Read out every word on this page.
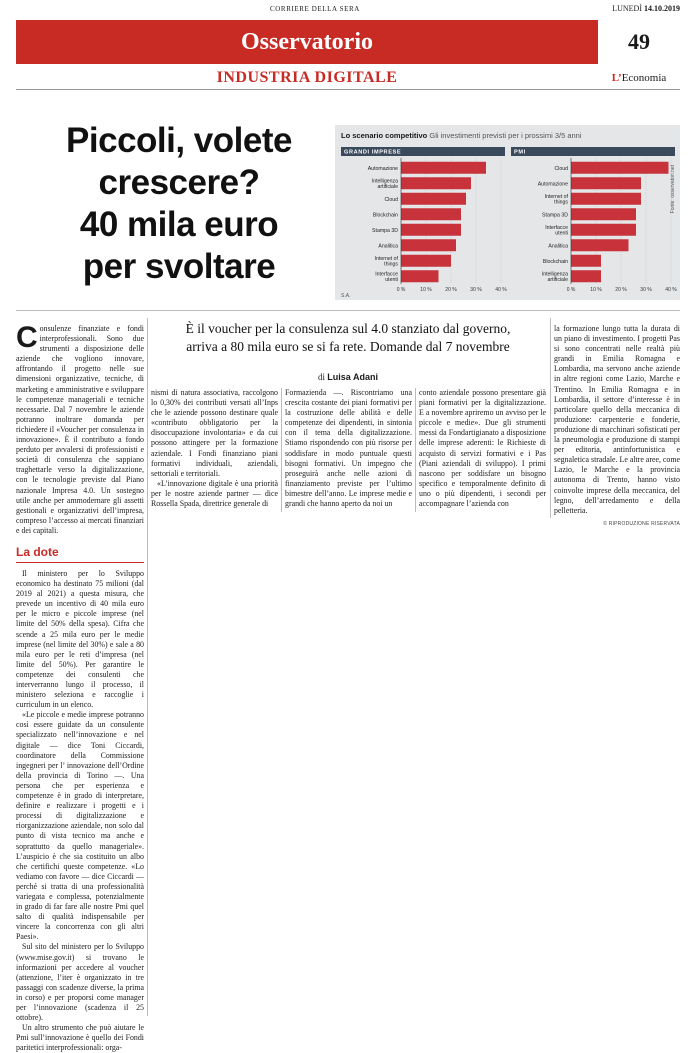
CORRIERE DELLA SERA	LUNEDÌ 14.10.2019
Osservatorio	49
INDUSTRIA DIGITALE	L’Economia
Piccoli, volete
crescere?
40 mila euro
per svoltare
GRANDI IMPRESE
0 %	10 %	20 %	30 %	40 %
Automazione
Intelligenza
artificiale
Cloud
Blockchain
Stampa 3D
Analitica
Internet of
things
Interfacce
utenti
PMI
0 %	10 %	20 %	30 %	40 %
Cloud
Automazione
Internet of
things
Stampa 3D
Interfacce
utenti
Analitica
Blockchain
Intelligenza
artificiale
Lo scenario competitivo Gli investimenti previsti per i prossimi 3/5 anni
S.A.
Fonte: osservatori.net
È il voucher per la consulenza sul 4.0 stanziato dal governo,
arriva a 80 mila euro se si fa rete. Domande dal 7 novembre
di Luisa Adani

Consulenze finanziate e fondi interprofessionali. Sono due strumenti a disposizione delle aziende che vogliono innovare, affrontando il progetto nelle sue dimensioni organizzative, tecniche, di marketing e amministrative e sviluppare le competenze manageriali e tecniche necessarie. Dal 7 novembre le aziende potranno inoltrare domanda per richiedere il «Voucher per consulenza in innovazione». È il contributo a fondo perduto per avvalersi di professionisti e società di consulenza che sappiano traghettarle verso la digitalizzazione, con le tecnologie previste dal Piano nazionale Impresa 4.0. Un sostegno utile anche per ammodernare gli assetti gestionali e organizzativi dell’impresa, compreso l’accesso ai mercati finanziari e dei capitali.

La dote

Il ministero per lo Sviluppo economico ha destinato 75 milioni (dal 2019 al 2021) a questa misura, che prevede un incentivo di 40 mila euro per le micro e piccole imprese (nel limite del 50% della spesa). Cifra che scende a 25 mila euro per le medie imprese (nel limite del 30%) e sale a 80 mila euro per le reti d’impresa (nel limite del 50%). Per garantire le competenze dei consulenti che interverranno lungo il processo, il ministero seleziona e raccoglie i curriculum in un elenco.

«Le piccole e medie imprese potranno così essere guidate da un consulente specializzato nell’innovazione e nel digitale — dice Toni Ciccardi, coordinatore della Commissione ingegneri per l’ innovazione dell’Ordine della provincia di Torino —. Una persona che per esperienza e competenze è in grado di interpretare, definire e realizzare i progetti e i processi di digitalizzazione e riorganizzazione aziendale, non solo dal punto di vista tecnico ma anche e soprattutto da quello manageriale». L’auspicio è che sia costituito un albo che certifichi queste competenze. «Lo vediamo con favore — dice Ciccardi — perché si tratta di una professionalità variegata e complessa, potenzialmente in grado di far fare alle nostre Pmi quel salto di qualità indispensabile per vincere la concorrenza con gli altri Paesi».

Sul sito del ministero per lo Sviluppo (www.mise.gov.it) si trovano le informazioni per accedere al voucher (attenzione, l’iter è organizzato in tre passaggi con scadenze diverse, la prima in corso) e per proporsi come manager per l’innovazione (scadenza il 25 ottobre).

Un altro strumento che può aiutare le Pmi sull’innovazione è quello dei Fondi paritetici interprofessionali: orga-

nismi di natura associativa, raccolgono lo 0,30% dei contributi versati all’Inps che le aziende possono destinare quale «contributo obbligatorio per la disoccupazione involontaria» e da cui possono attingere per la formazione aziendale. I Fondi finanziano piani formativi individuali, aziendali, settoriali e territoriali.

«L’innovazione digitale è una priorità per le nostre aziende partner — dice Rossella Spada, direttrice generale di

Formazienda —. Riscontriamo una crescita costante dei piani formativi per la costruzione delle abilità e delle competenze dei dipendenti, in sintonia con il tema della digitalizzazione. Stiamo rispondendo con più risorse per soddisfare in modo puntuale questi bisogni formativi. Un impegno che proseguirà anche nelle azioni di finanziamento previste per l’ultimo bimestre dell’anno. Le imprese medie e grandi che hanno aperto da noi un

conto aziendale possono presentare già piani formativi per la digitalizzazione. E a novembre apriremo un avviso per le piccole e medie». Due gli strumenti messi da Fondartigianato a disposizione delle imprese aderenti: le Richieste di acquisto di servizi formativi e i Pas (Piani aziendali di sviluppo). I primi nascono per soddisfare un bisogno specifico e temporalmente definito di uno o più dipendenti, i secondi per accompagnare l’azienda con

la formazione lungo tutta la durata di un piano di investimento. I progetti Pas si sono concentrati nelle realtà più grandi in Emilia Romagna e Lombardia, ma servono anche aziende in altre regioni come Lazio, Marche e Trentino. In Emilia Romagna e in Lombardia, il settore d’interesse è in particolare quello della meccanica di produzione: carpenterie e fonderie, produzione di macchinari sofisticati per la pneumologia e produzione di stampi per editoria, antinfortunistica e segnaletica stradale. Le altre aree, come Lazio, le Marche e la provincia autonoma di Trento, hanno visto coinvolte imprese della meccanica, del legno, dell’arredamento e della pelletteria.

© RIPRODUZIONE RISERVATA
